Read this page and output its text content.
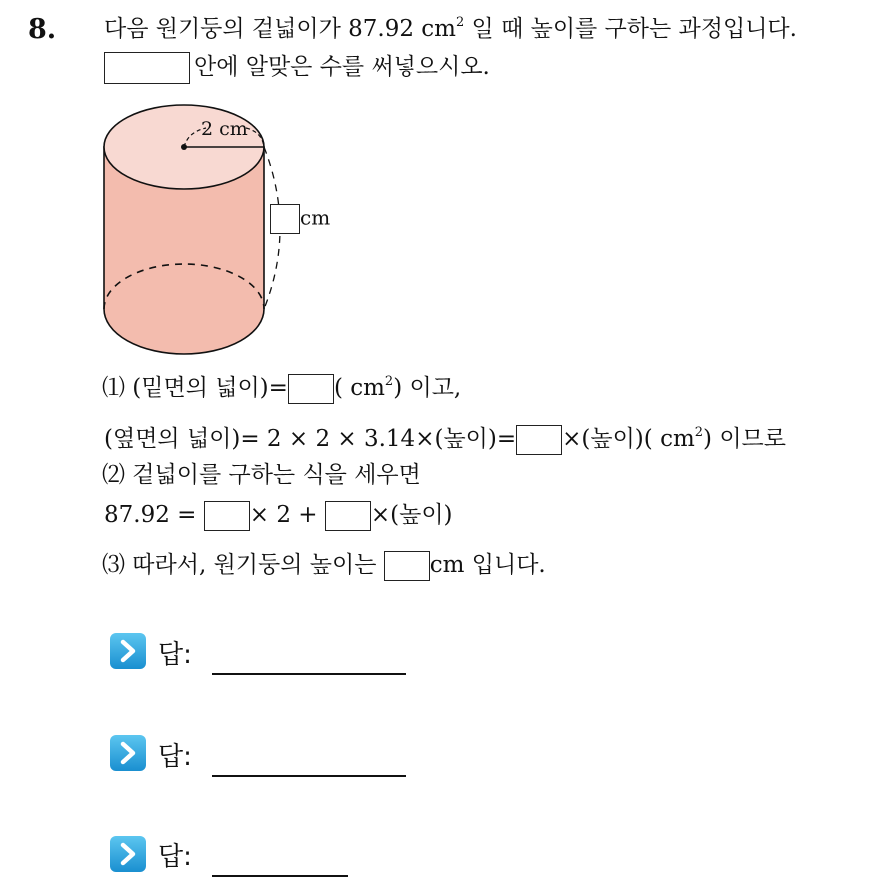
8. 다음 원기둥의 겉넓이가 87.92 $cm^2$ 일 때 높이를 구하는 과정입니다.
안에 알맞은 수를 써넣으시오.
2 cm
cm
⑴ (밑면의 넓이)= ( $cm^2$) 이고,
(옆면의 넓이)= 2 × 2 × 3.14×(높이)= ×(높이)( $cm^2$) 이므로
⑵ 겉넓이를 구하는 식을 세우면
87.92 = × 2 + ×(높이)
⑶ 따라서, 원기둥의 높이는 cm 입니다.
답:
답:
답:
